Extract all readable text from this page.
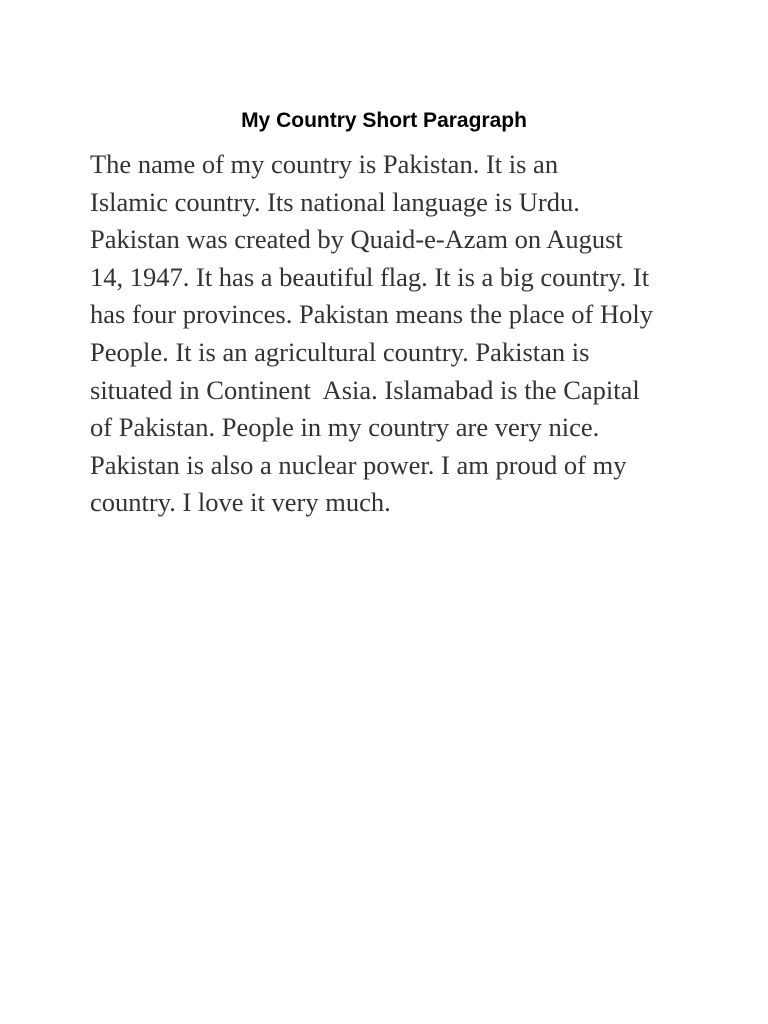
My Country Short Paragraph
The name of my country is Pakistan. It is an
Islamic country. Its national language is Urdu.
Pakistan was created by Quaid-e-Azam on August
14, 1947. It has a beautiful flag. It is a big country. It
has four provinces. Pakistan means the place of Holy
People. It is an agricultural country. Pakistan is
situated in Continent  Asia. Islamabad is the Capital
of Pakistan. People in my country are very nice.
Pakistan is also a nuclear power. I am proud of my
country. I love it very much.
